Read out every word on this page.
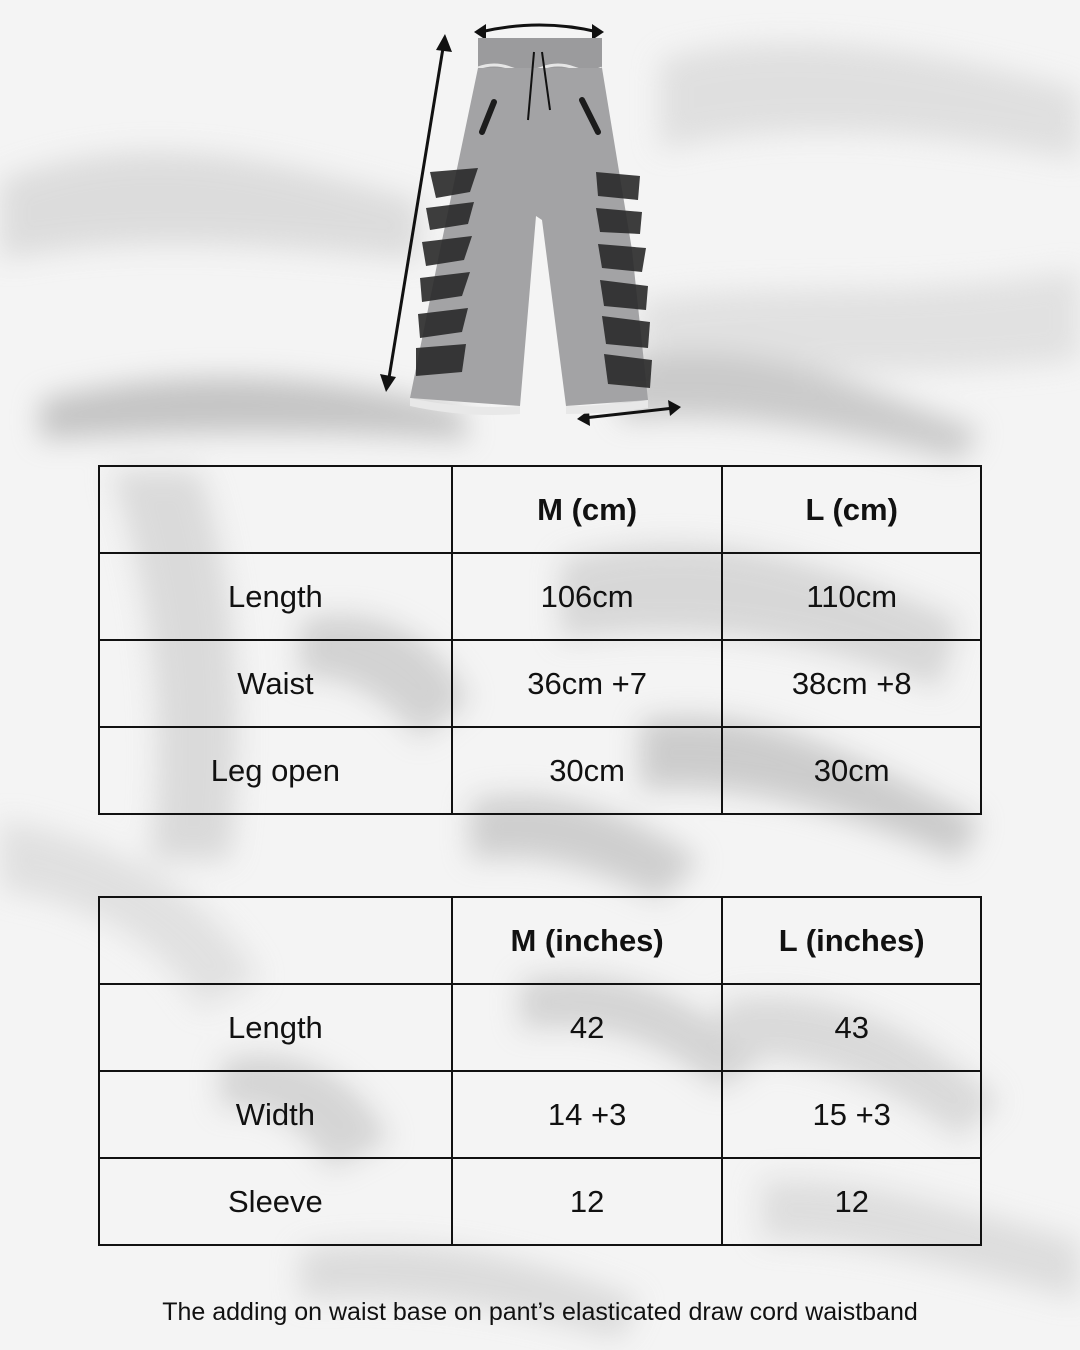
	M (cm)	L (cm)
Length	106cm	110cm
Waist	36cm +7	38cm +8
Leg open	30cm	30cm
	M (inches)	L (inches)
Length	42	43
Width	14 +3	15 +3
Sleeve	12	12
The adding on waist base on pant’s elasticated draw cord waistband
